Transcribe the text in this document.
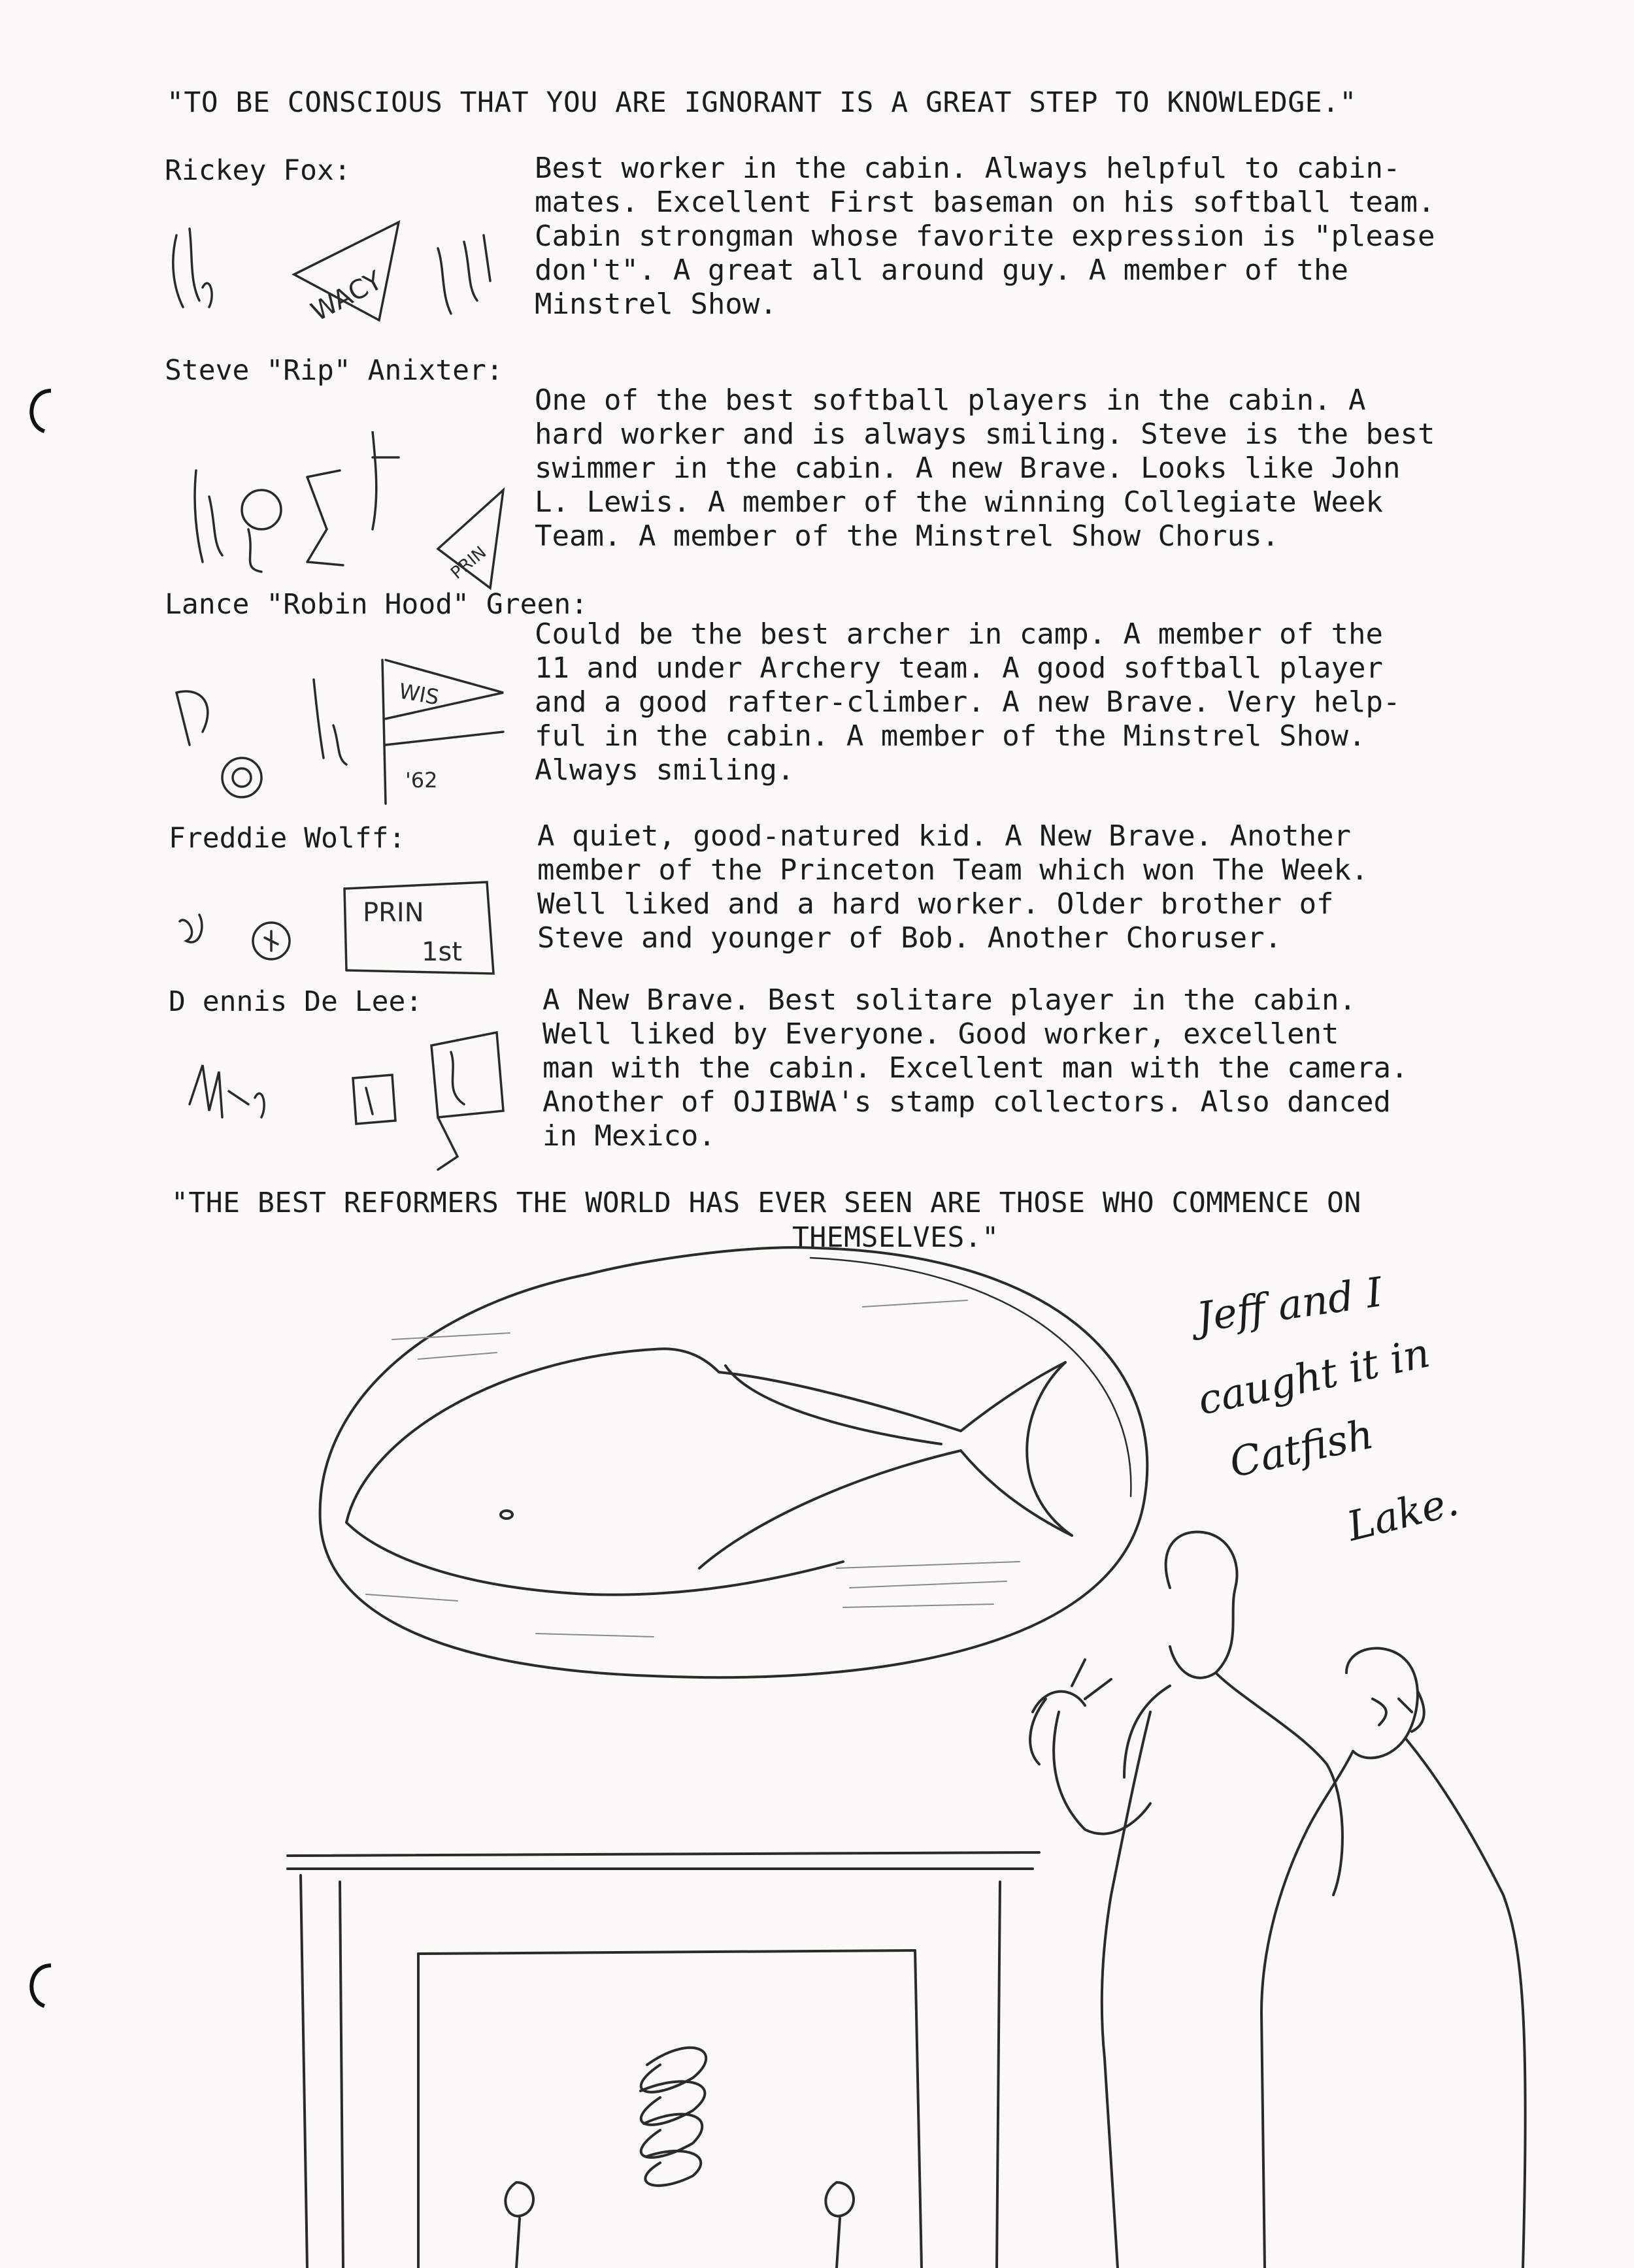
"TO BE CONSCIOUS THAT YOU ARE IGNORANT IS A GREAT STEP TO KNOWLEDGE."
Rickey Fox:	Best worker in the cabin. Always helpful to cabin-
mates. Excellent First baseman on his softball team.
Cabin strongman whose favorite expression is "please
don't". A great all around guy. A member of the
Minstrel Show.
WACY
Steve "Rip" Anixter:
One of the best softball players in the cabin. A
hard worker and is always smiling. Steve is the best
swimmer in the cabin. A new Brave. Looks like John
L. Lewis. A member of the winning Collegiate Week
Team. A member of the Minstrel Show Chorus.
PRIN
Lance "Robin Hood" Green:
Could be the best archer in camp. A member of the
11 and under Archery team. A good softball player
and a good rafter-climber. A new Brave. Very help-
ful in the cabin. A member of the Minstrel Show.
Always smiling.
WIS
'62
Freddie Wolff:	A quiet, good-natured kid. A New Brave. Another
member of the Princeton Team which won The Week.
Well liked and a hard worker. Older brother of
Steve and younger of Bob. Another Choruser.
PRIN
1st
D ennis De Lee:	A New Brave. Best solitare player in the cabin.
Well liked by Everyone. Good worker, excellent
man with the cabin. Excellent man with the camera.
Another of OJIBWA's stamp collectors. Also danced
in Mexico.
"THE BEST REFORMERS THE WORLD HAS EVER SEEN ARE THOSE WHO COMMENCE ON
THEMSELVES."
Jeff and I
caught it in
Catfish
Lake.
